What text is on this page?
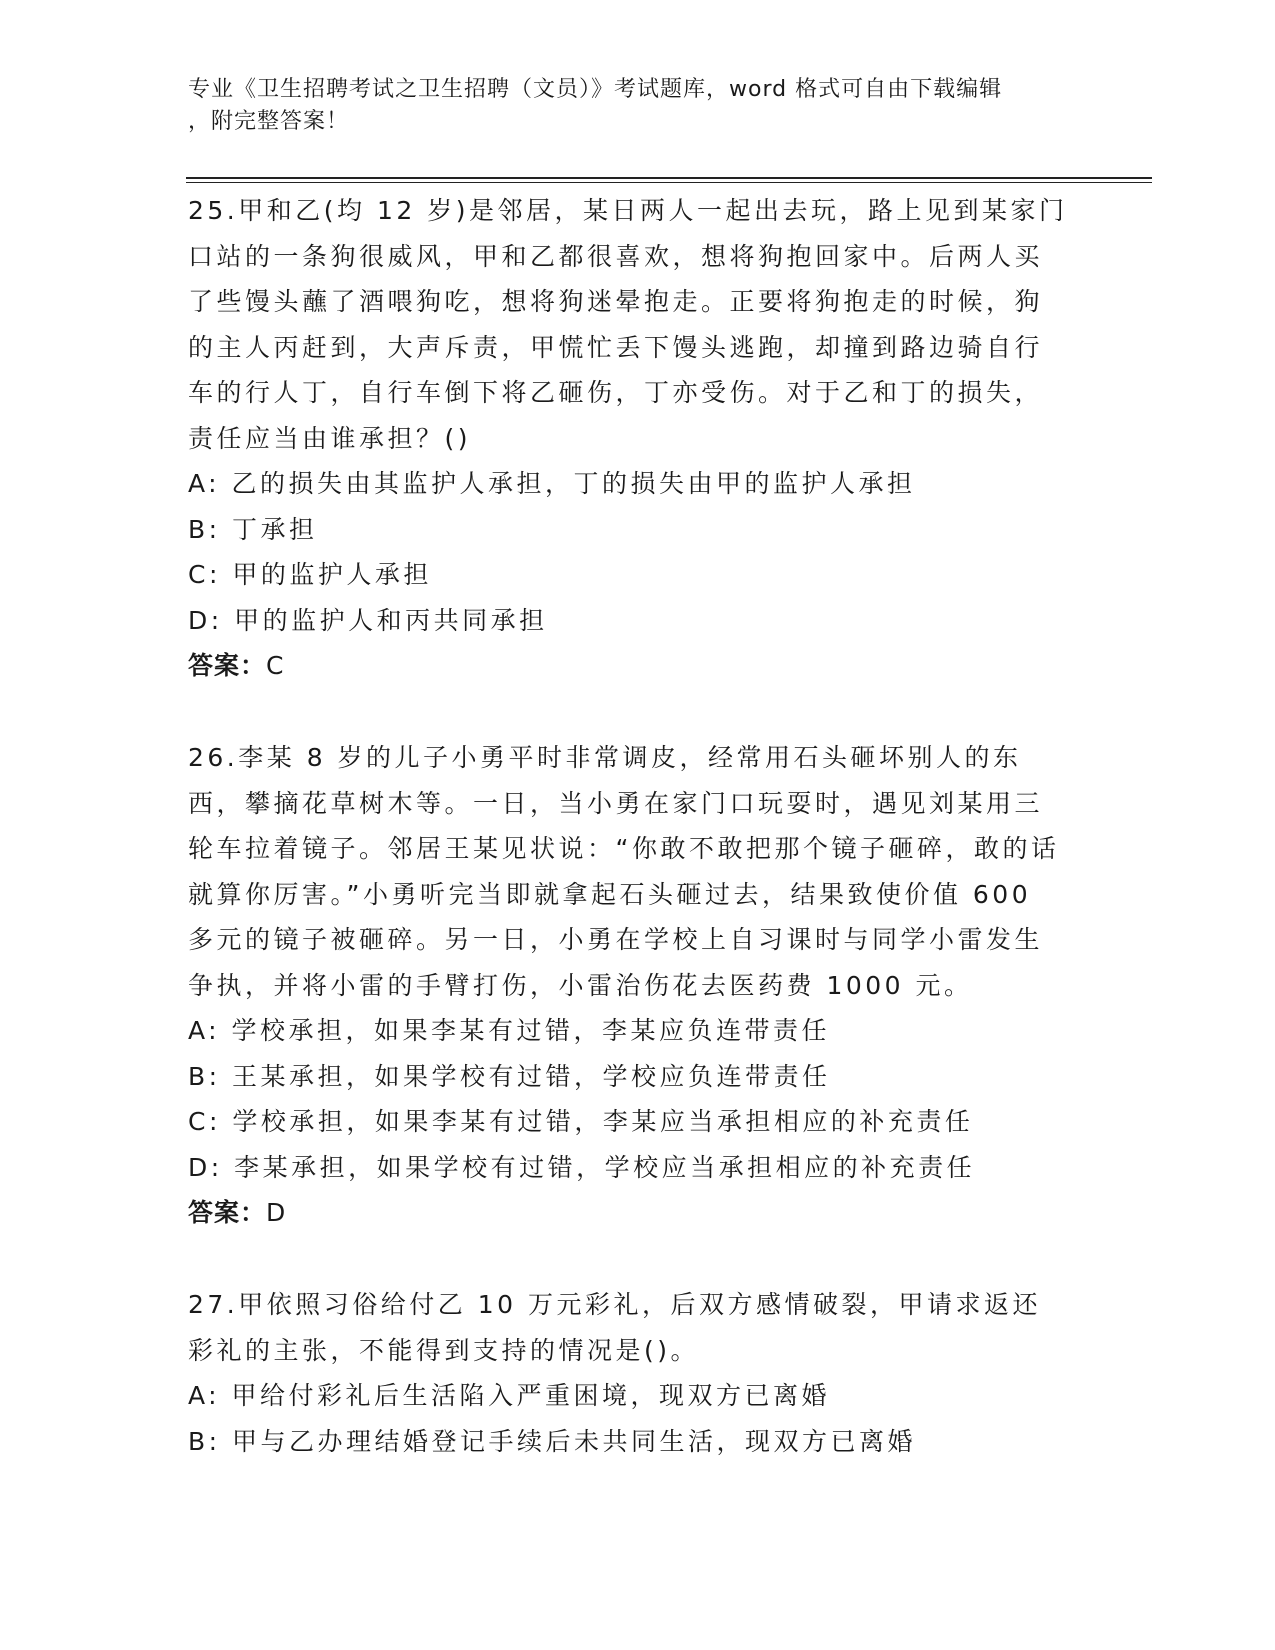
专业《卫生招聘考试之卫生招聘（文员）》考试题库，word 格式可自由下载编辑
，附完整答案！

25.甲和乙(均 12 岁)是邻居，某日两人一起出去玩，路上见到某家门口站的一条狗很威风，甲和乙都很喜欢，想将狗抱回家中。后两人买了些馒头蘸了酒喂狗吃，想将狗迷晕抱走。正要将狗抱走的时候，狗的主人丙赶到，大声斥责，甲慌忙丢下馒头逃跑，却撞到路边骑自行车的行人丁，自行车倒下将乙砸伤，丁亦受伤。对于乙和丁的损失，责任应当由谁承担？()

A: 乙的损失由其监护人承担，丁的损失由甲的监护人承担

B: 丁承担

C: 甲的监护人承担

D: 甲的监护人和丙共同承担

答案：C

26.李某 8 岁的儿子小勇平时非常调皮，经常用石头砸坏别人的东西，攀摘花草树木等。一日，当小勇在家门口玩耍时，遇见刘某用三轮车拉着镜子。邻居王某见状说：“你敢不敢把那个镜子砸碎，敢的话就算你厉害。”小勇听完当即就拿起石头砸过去，结果致使价值 600 多元的镜子被砸碎。另一日，小勇在学校上自习课时与同学小雷发生争执，并将小雷的手臂打伤，小雷治伤花去医药费 1000 元。

A: 学校承担，如果李某有过错，李某应负连带责任

B: 王某承担，如果学校有过错，学校应负连带责任

C: 学校承担，如果李某有过错，李某应当承担相应的补充责任

D: 李某承担，如果学校有过错，学校应当承担相应的补充责任

答案：D

27.甲依照习俗给付乙 10 万元彩礼，后双方感情破裂，甲请求返还彩礼的主张，不能得到支持的情况是()。

A: 甲给付彩礼后生活陷入严重困境，现双方已离婚

B: 甲与乙办理结婚登记手续后未共同生活，现双方已离婚
